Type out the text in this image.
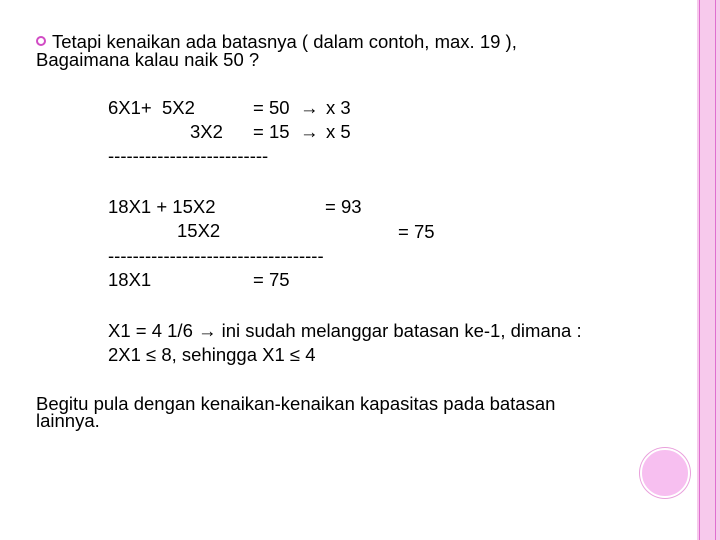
Tetapi kenaikan ada batasnya ( dalam contoh, max. 19 ),
Bagaimana kalau naik 50 ?
6X1+  5X2	= 50 → x 3
3X2 = 15 → x 5
--------------------------
18X1 + 15X2	= 93
15X2	= 75
-----------------------------------
18X1	= 75
X1 = 4 1/6 → ini sudah melanggar batasan ke-1, dimana :
2X1 ≤ 8, sehingga X1 ≤ 4
Begitu pula dengan kenaikan-kenaikan kapasitas pada batasan
lainnya.
